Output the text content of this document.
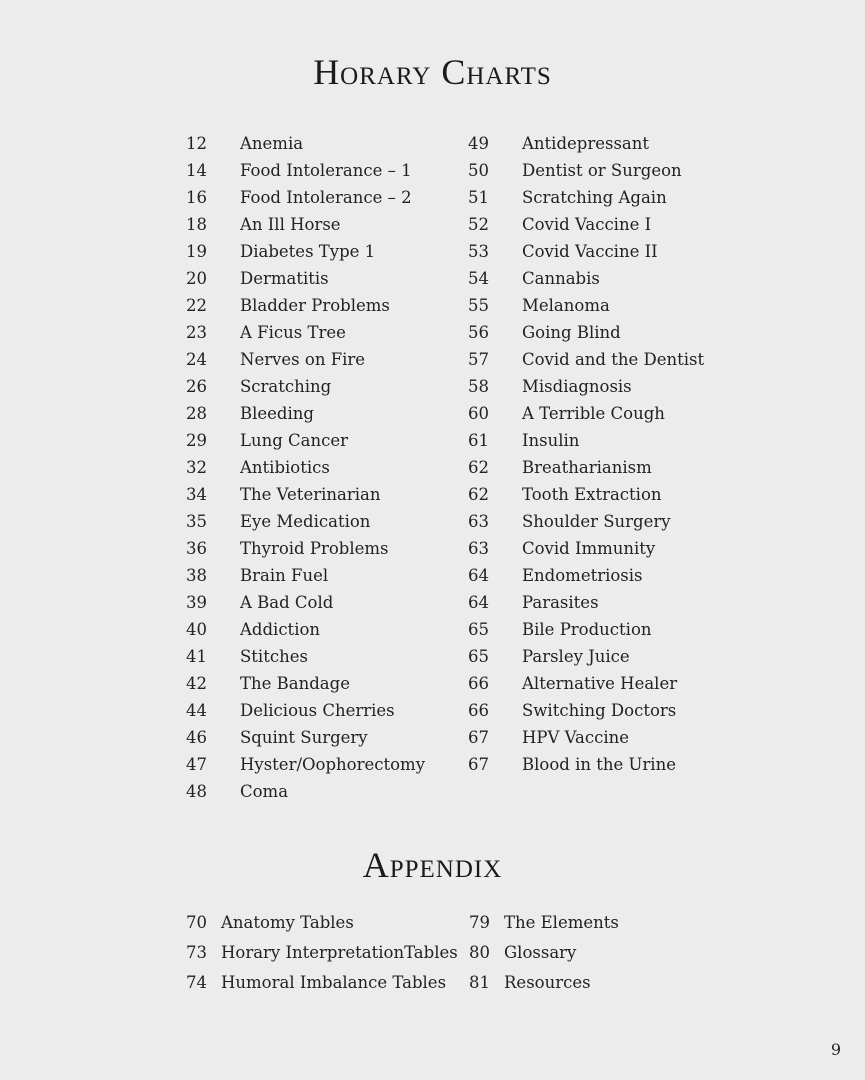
Horary Charts
12	Anemia
14	Food Intolerance – 1
16	Food Intolerance – 2
18	An Ill Horse
19	Diabetes Type 1
20	Dermatitis
22	Bladder Problems
23	A Ficus Tree
24	Nerves on Fire
26	Scratching
28	Bleeding
29	Lung Cancer
32	Antibiotics
34	The Veterinarian
35	Eye Medication
36	Thyroid Problems
38	Brain Fuel
39	A Bad Cold
40	Addiction
41	Stitches
42	The Bandage
44	Delicious Cherries
46	Squint Surgery
47	Hyster/Oophorectomy
48	Coma
49	Antidepressant
50	Dentist or Surgeon
51	Scratching Again
52	Covid Vaccine I
53	Covid Vaccine II
54	Cannabis
55	Melanoma
56	Going Blind
57	Covid and the Dentist
58	Misdiagnosis
60	A Terrible Cough
61	Insulin
62	Breatharianism
62	Tooth Extraction
63	Shoulder Surgery
63	Covid Immunity
64	Endometriosis
64	Parasites
65	Bile Production
65	Parsley Juice
66	Alternative Healer
66	Switching Doctors
67	HPV Vaccine
67	Blood in the Urine
Appendix
70 Anatomy Tables
73 Horary InterpretationTables
74 Humoral Imbalance Tables
79 The Elements
80 Glossary
81 Resources
9
